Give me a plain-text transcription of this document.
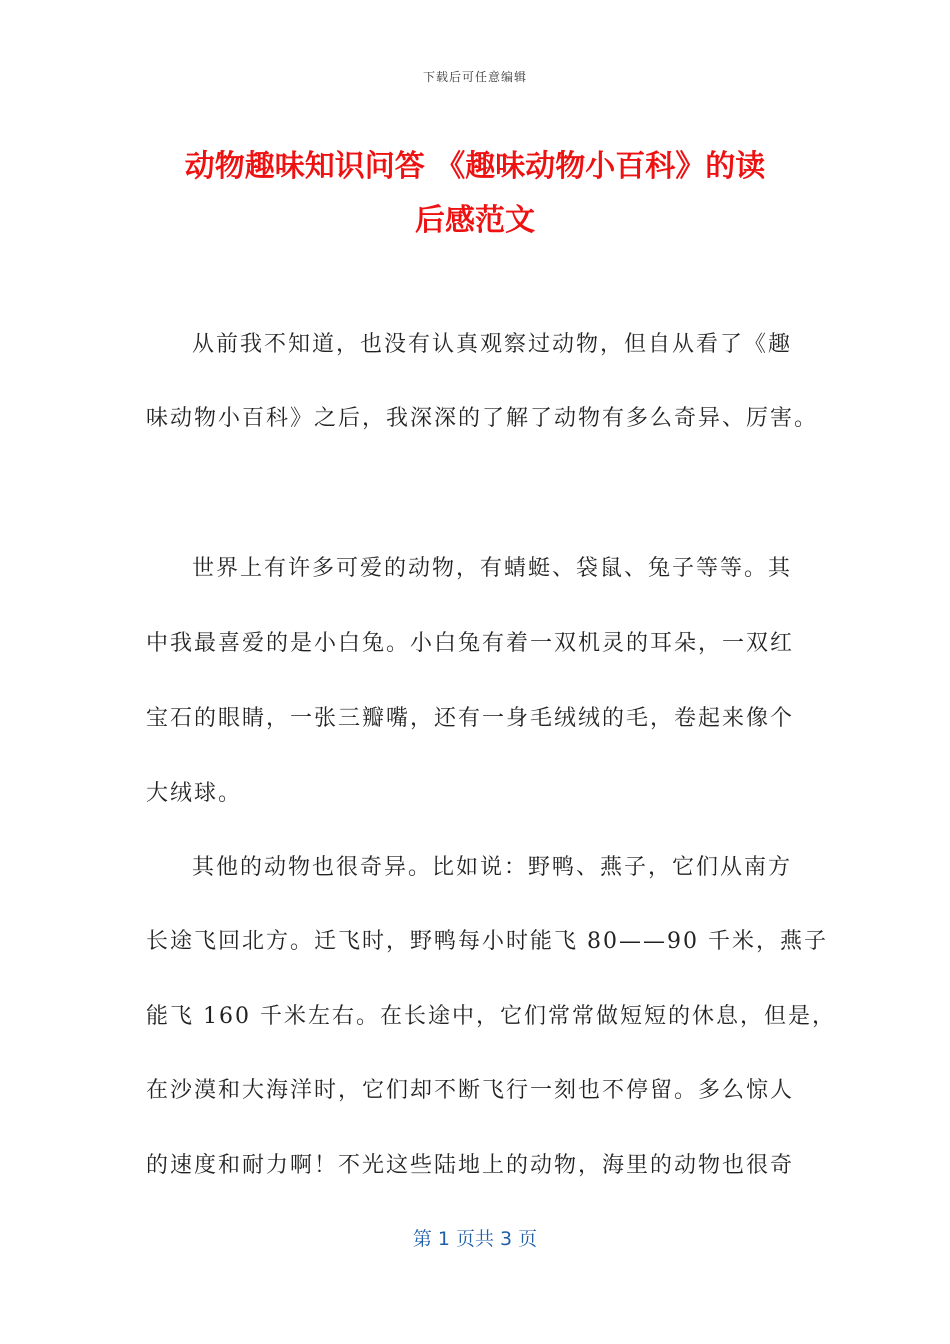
下载后可任意编辑
动物趣味知识问答 《趣味动物小百科》的读
后感范文
从前我不知道，也没有认真观察过动物，但自从看了《趣
味动物小百科》之后，我深深的了解了动物有多么奇异、厉害。
世界上有许多可爱的动物，有蜻蜓、袋鼠、兔子等等。其
中我最喜爱的是小白兔。小白兔有着一双机灵的耳朵，一双红
宝石的眼睛，一张三瓣嘴，还有一身毛绒绒的毛，卷起来像个
大绒球。
其他的动物也很奇异。比如说：野鸭、燕子，它们从南方
长途飞回北方。迁飞时，野鸭每小时能飞 80——90 千米，燕子
能飞 160 千米左右。在长途中，它们常常做短短的休息，但是，
在沙漠和大海洋时，它们却不断飞行一刻也不停留。多么惊人
的速度和耐力啊！不光这些陆地上的动物，海里的动物也很奇
第 1 页共 3 页
